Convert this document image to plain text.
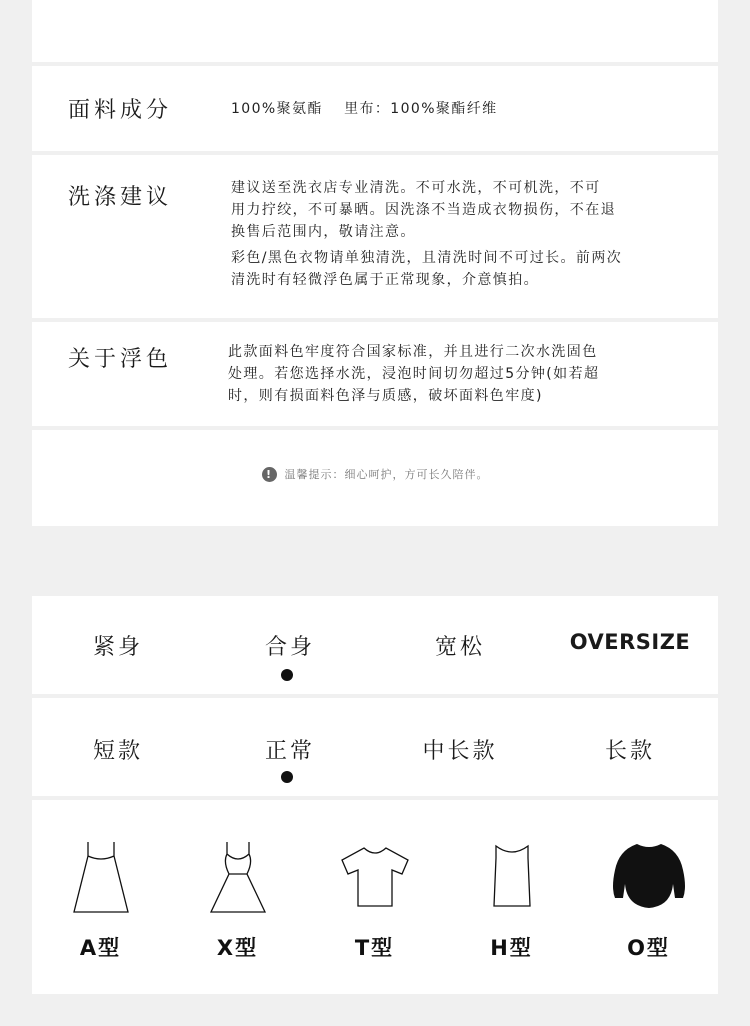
面料成分	100%聚氨酯　 里布：100%聚酯纤维

洗涤建议	建议送至洗衣店专业清洗。不可水洗，不可机洗，不可
用力拧绞，不可暴晒。因洗涤不当造成衣物损伤，不在退
换售后范围内，敬请注意。

彩色/黑色衣物请单独清洗，且清洗时间不可过长。前两次
清洗时有轻微浮色属于正常现象，介意慎拍。

关于浮色	此款面料色牢度符合国家标准，并且进行二次水洗固色
处理。若您选择水洗，浸泡时间切勿超过5分钟(如若超
时，则有损面料色泽与质感，破坏面料色牢度)

!	温馨提示：细心呵护，方可长久陪伴。
紧身	合身	宽松	OVERSIZE
短款	正常	中长款	长款
A型	X型	T型	H型	O型
